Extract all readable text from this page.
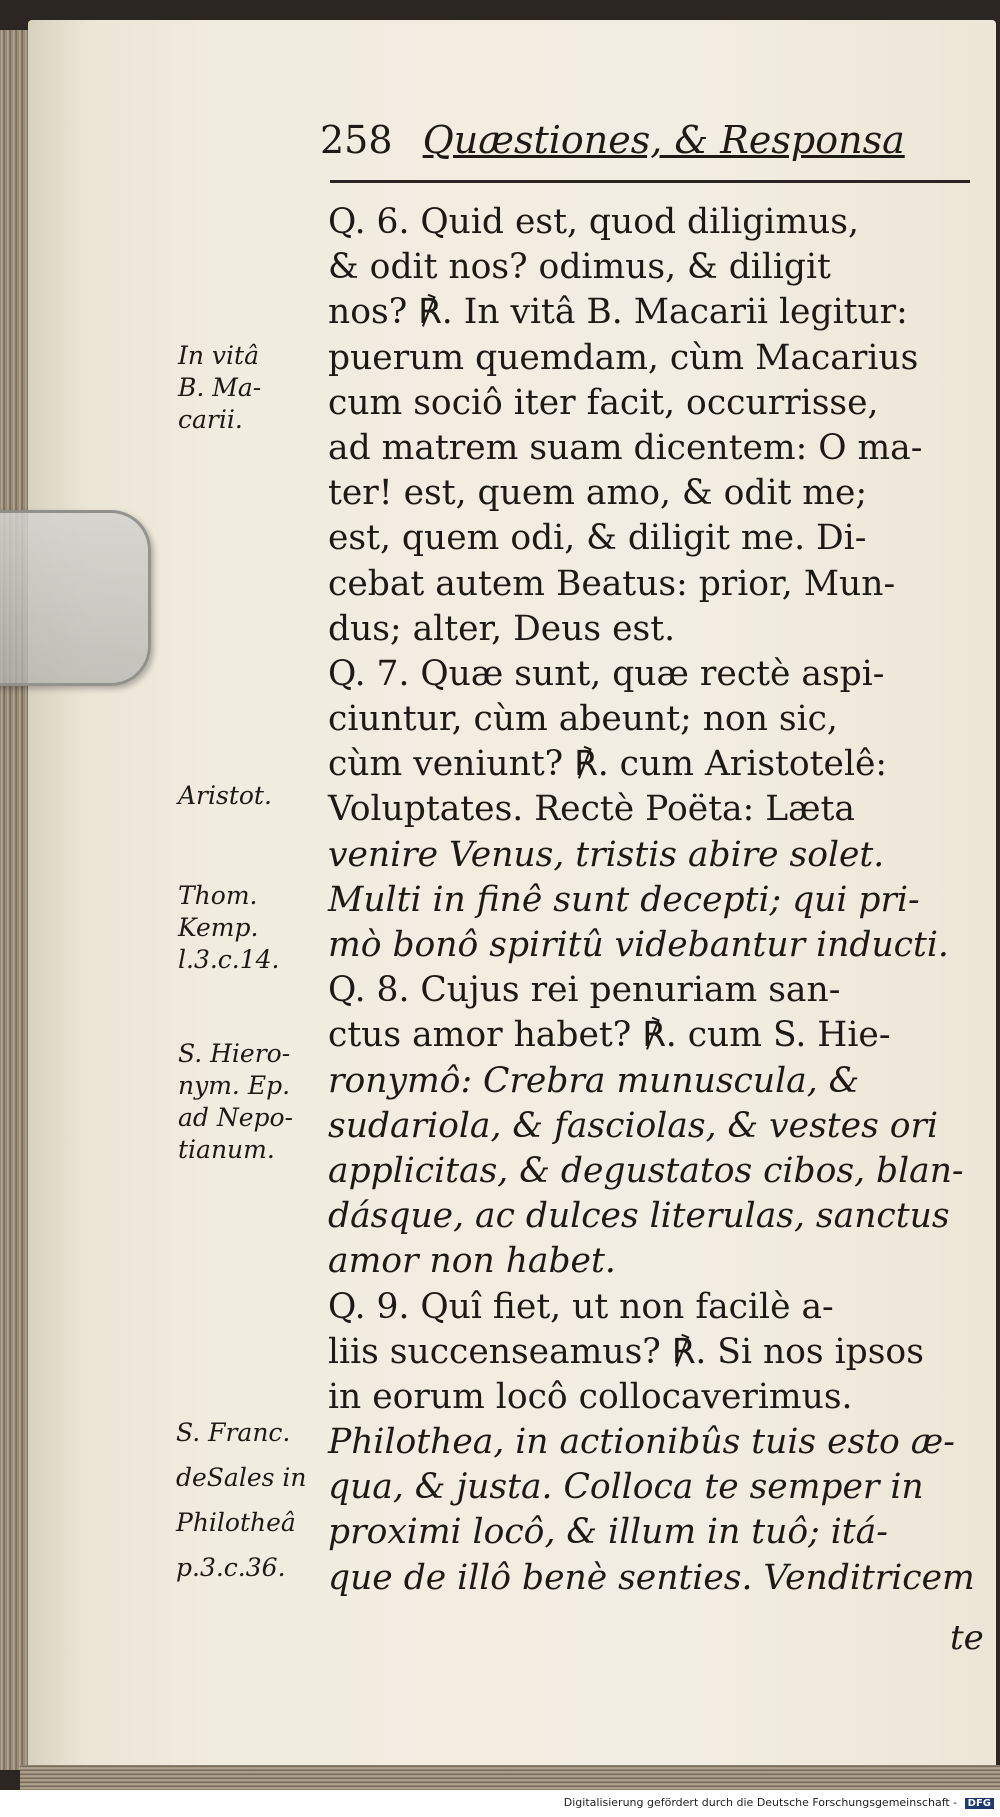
258 Quæstiones, & Responsa
Q. 6. Quid est, quod diligimus,
& odit nos? odimus, & diligit
nos? ℟. In vitâ B. Macarii legitur:
puerum quemdam, cùm Macarius
cum sociô iter facit, occurrisse,
ad matrem suam dicentem: O ma-
ter! est, quem amo, & odit me;
est, quem odi, & diligit me. Di-
cebat autem Beatus: prior, Mun-
dus; alter, Deus est.
Q. 7. Quæ sunt, quæ rectè aspi-
ciuntur, cùm abeunt; non sic,
cùm veniunt? ℟. cum Aristotelê:
Voluptates. Rectè Poëta: Læta
venire Venus, tristis abire solet.
Multi in finê sunt decepti; qui pri-
mò bonô spiritû videbantur inducti.
Q. 8. Cujus rei penuriam san-
ctus amor habet? ℟. cum S. Hie-
ronymô: Crebra munuscula, &
sudariola, & fasciolas, & vestes ori
applicitas, & degustatos cibos, blan-
dásque, ac dulces literulas, sanctus
amor non habet.
Q. 9. Quî fiet, ut non facilè a-
liis succenseamus? ℟. Si nos ipsos
in eorum locô collocaverimus.
Philothea, in actionibûs tuis esto æ-
qua, & justa. Colloca te semper in
proximi locô, & illum in tuô; itá-
que de illô benè senties. Venditricem
In vitâ
B. Ma-
carii.
Aristot.
Thom.
Kemp.
l.3.c.14.
S. Hiero-
nym. Ep.
ad Nepo-
tianum.
S. Franc.
deSales in
Philotheâ
p.3.c.36.
te
Digitalisierung gefördert durch die Deutsche Forschungsgemeinschaft - DFG
